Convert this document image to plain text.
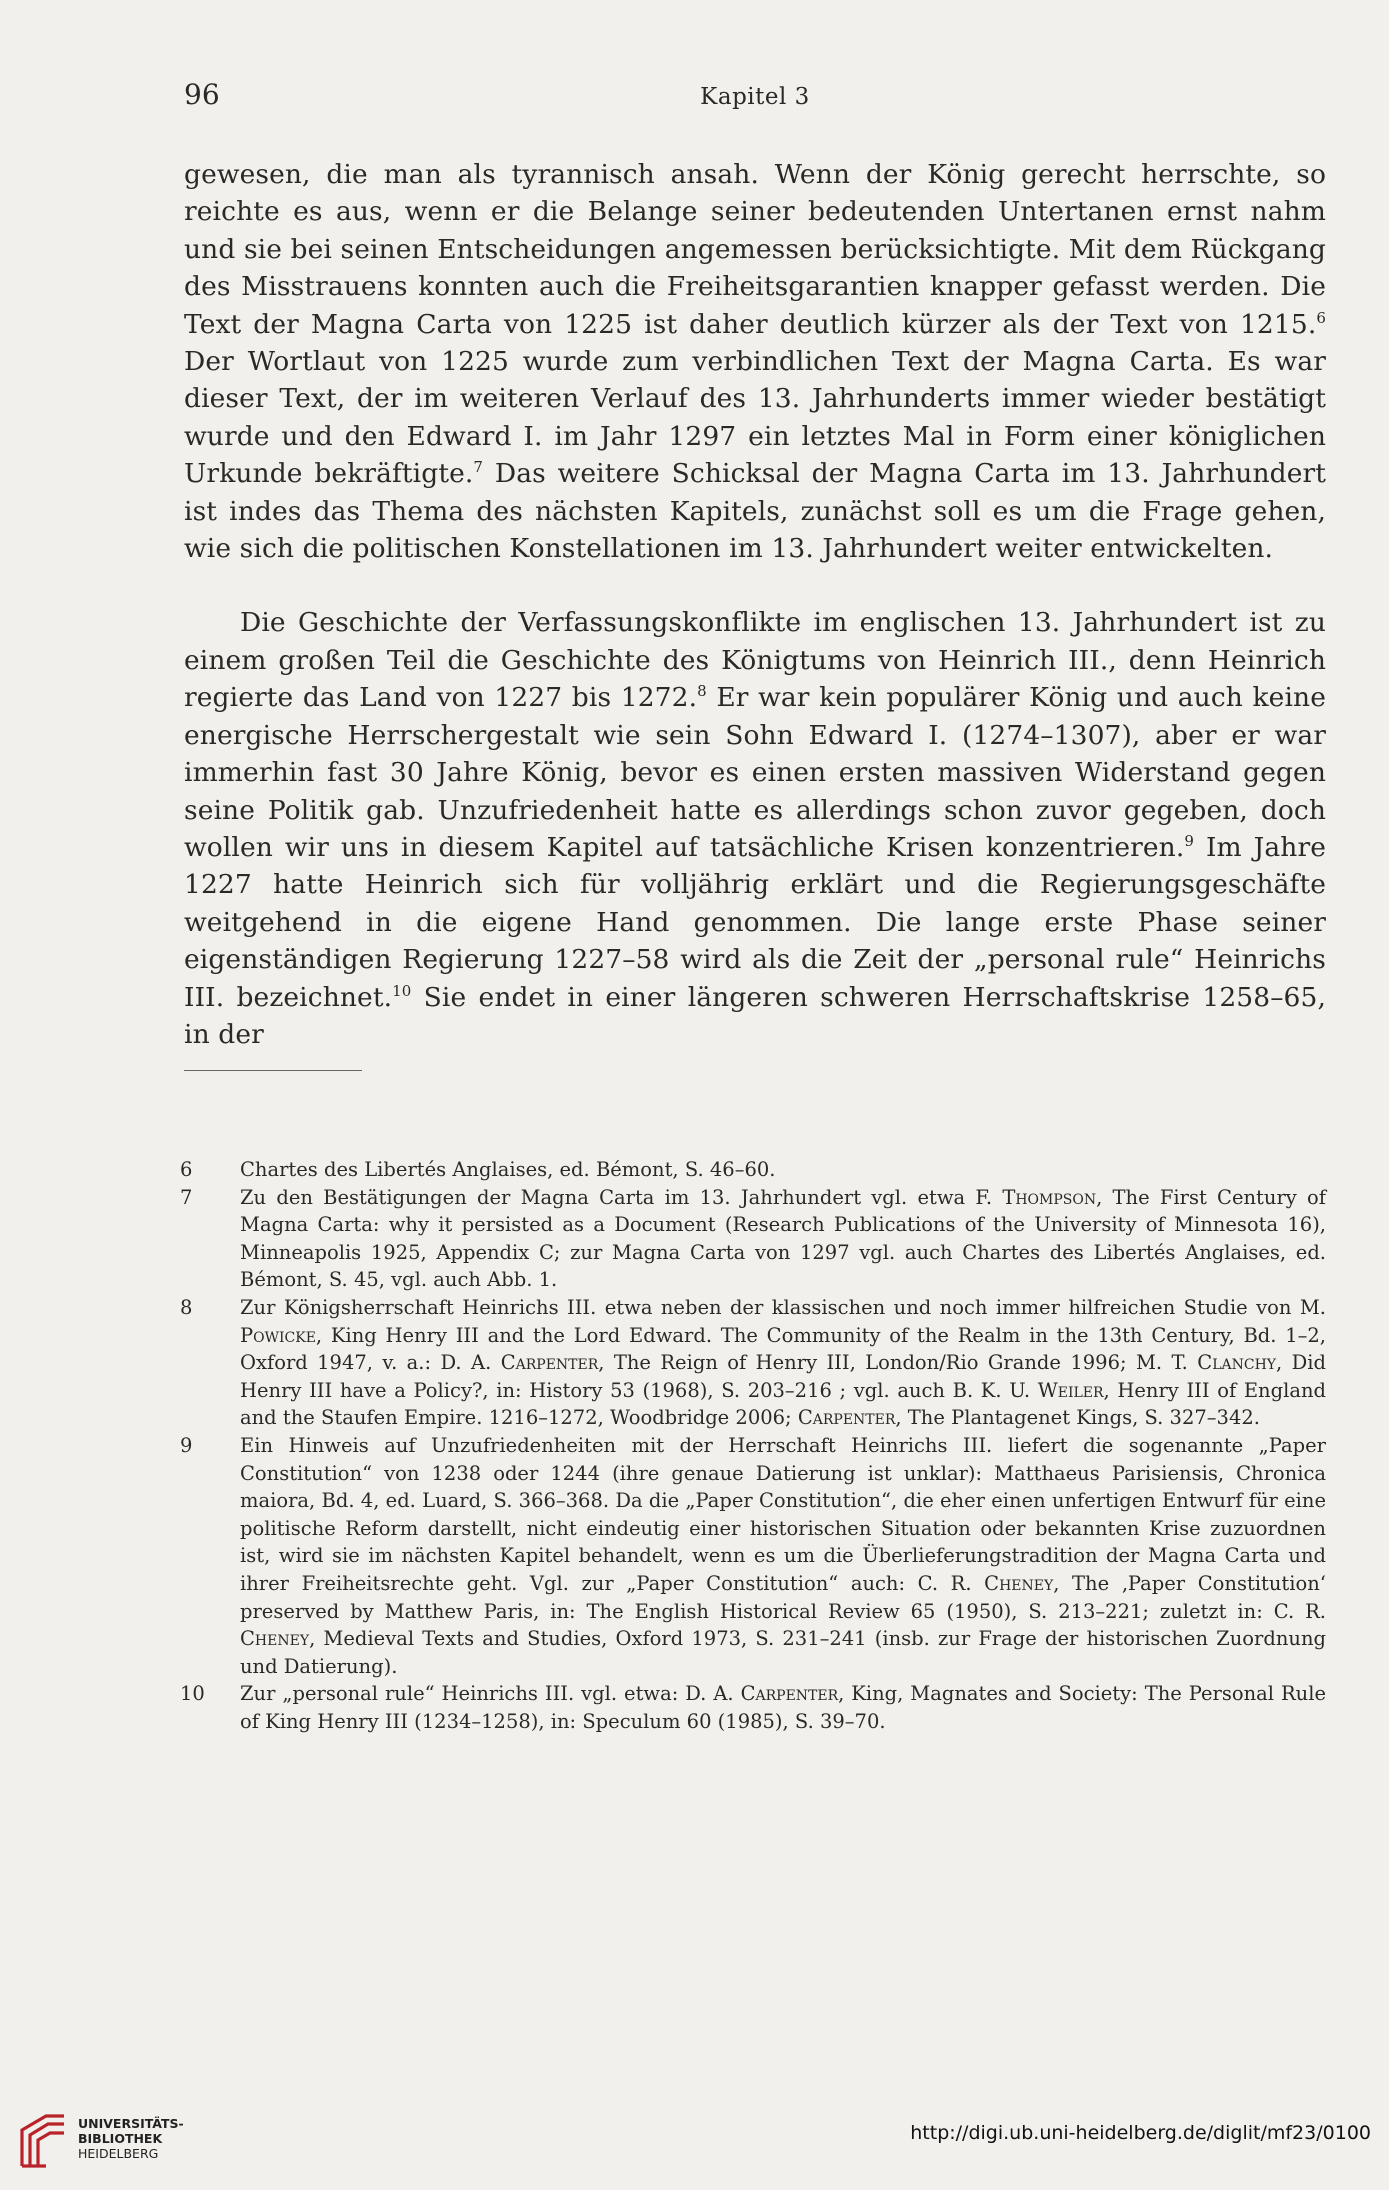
96	Kapitel 3

gewesen, die man als tyrannisch ansah. Wenn der König gerecht herrschte, so reichte es aus, wenn er die Belange seiner bedeutenden Untertanen ernst nahm und sie bei seinen Entscheidungen angemessen berücksichtigte. Mit dem Rückgang des Misstrauens konnten auch die Freiheitsgarantien knapper gefasst werden. Die Text der Magna Carta von 1225 ist daher deutlich kürzer als der Text von 1215.$^6$ Der Wortlaut von 1225 wurde zum verbindlichen Text der Magna Carta. Es war dieser Text, der im weiteren Verlauf des 13. Jahrhunderts immer wieder bestätigt wurde und den Edward I. im Jahr 1297 ein letztes Mal in Form einer königlichen Urkunde bekräftigte.$^7$ Das weitere Schicksal der Magna Carta im 13. Jahrhundert ist indes das Thema des nächsten Kapitels, zunächst soll es um die Frage gehen, wie sich die politischen Konstellationen im 13. Jahrhundert weiter entwickelten.

Die Geschichte der Verfassungskonflikte im englischen 13. Jahrhundert ist zu einem großen Teil die Geschichte des Königtums von Heinrich III., denn Heinrich regierte das Land von 1227 bis 1272.$^8$ Er war kein populärer König und auch keine energische Herrschergestalt wie sein Sohn Edward I. (1274–1307), aber er war immerhin fast 30 Jahre König, bevor es einen ersten massiven Widerstand gegen seine Politik gab. Unzufriedenheit hatte es allerdings schon zuvor gegeben, doch wollen wir uns in diesem Kapitel auf tatsächliche Krisen konzentrieren.$^9$ Im Jahre 1227 hatte Heinrich sich für volljährig erklärt und die Regierungsgeschäfte weitgehend in die eigene Hand genommen. Die lange erste Phase seiner eigenständigen Regierung 1227–58 wird als die Zeit der „personal rule“ Heinrichs III. bezeichnet.$^{10}$ Sie endet in einer längeren schweren Herrschaftskrise 1258–65, in der

6 Chartes des Libertés Anglaises, ed. Bémont, S. 46–60.

7 Zu den Bestätigungen der Magna Carta im 13. Jahrhundert vgl. etwa F. Thompson, The First Century of Magna Carta: why it persisted as a Document (Research Publications of the University of Minnesota 16), Minneapolis 1925, Appendix C; zur Magna Carta von 1297 vgl. auch Chartes des Libertés Anglaises, ed. Bémont, S. 45, vgl. auch Abb. 1.

8 Zur Königsherrschaft Heinrichs III. etwa neben der klassischen und noch immer hilfreichen Studie von M. Powicke, King Henry III and the Lord Edward. The Community of the Realm in the 13th Century, Bd. 1–2, Oxford 1947, v. a.: D. A. Carpenter, The Reign of Henry III, London/Rio Grande 1996; M. T. Clanchy, Did Henry III have a Policy?, in: History 53 (1968), S. 203–216 ; vgl. auch B. K. U. Weiler, Henry III of England and the Staufen Empire. 1216–1272, Woodbridge 2006; Carpenter, The Plantagenet Kings, S. 327–342.

9 Ein Hinweis auf Unzufriedenheiten mit der Herrschaft Heinrichs III. liefert die sogenannte „Paper Constitution“ von 1238 oder 1244 (ihre genaue Datierung ist unklar): Matthaeus Parisiensis, Chronica maiora, Bd. 4, ed. Luard, S. 366–368. Da die „Paper Constitution“, die eher einen unfertigen Entwurf für eine politische Reform darstellt, nicht eindeutig einer historischen Situation oder bekannten Krise zuzuordnen ist, wird sie im nächsten Kapitel behandelt, wenn es um die Überlieferungstradition der Magna Carta und ihrer Freiheitsrechte geht. Vgl. zur „Paper Constitution“ auch: C. R. Cheney, The ‚Paper Constitution‘ preserved by Matthew Paris, in: The English Historical Review 65 (1950), S. 213–221; zuletzt in: C. R. Cheney, Medieval Texts and Studies, Oxford 1973, S. 231–241 (insb. zur Frage der historischen Zuordnung und Datierung).

10 Zur „personal rule“ Heinrichs III. vgl. etwa: D. A. Carpenter, King, Magnates and Society: The Personal Rule of King Henry III (1234–1258), in: Speculum 60 (1985), S. 39–70.

UNIVERSITÄTS-
BIBLIOTHEK
HEIDELBERG
http://digi.ub.uni-heidelberg.de/diglit/mf23/0100
